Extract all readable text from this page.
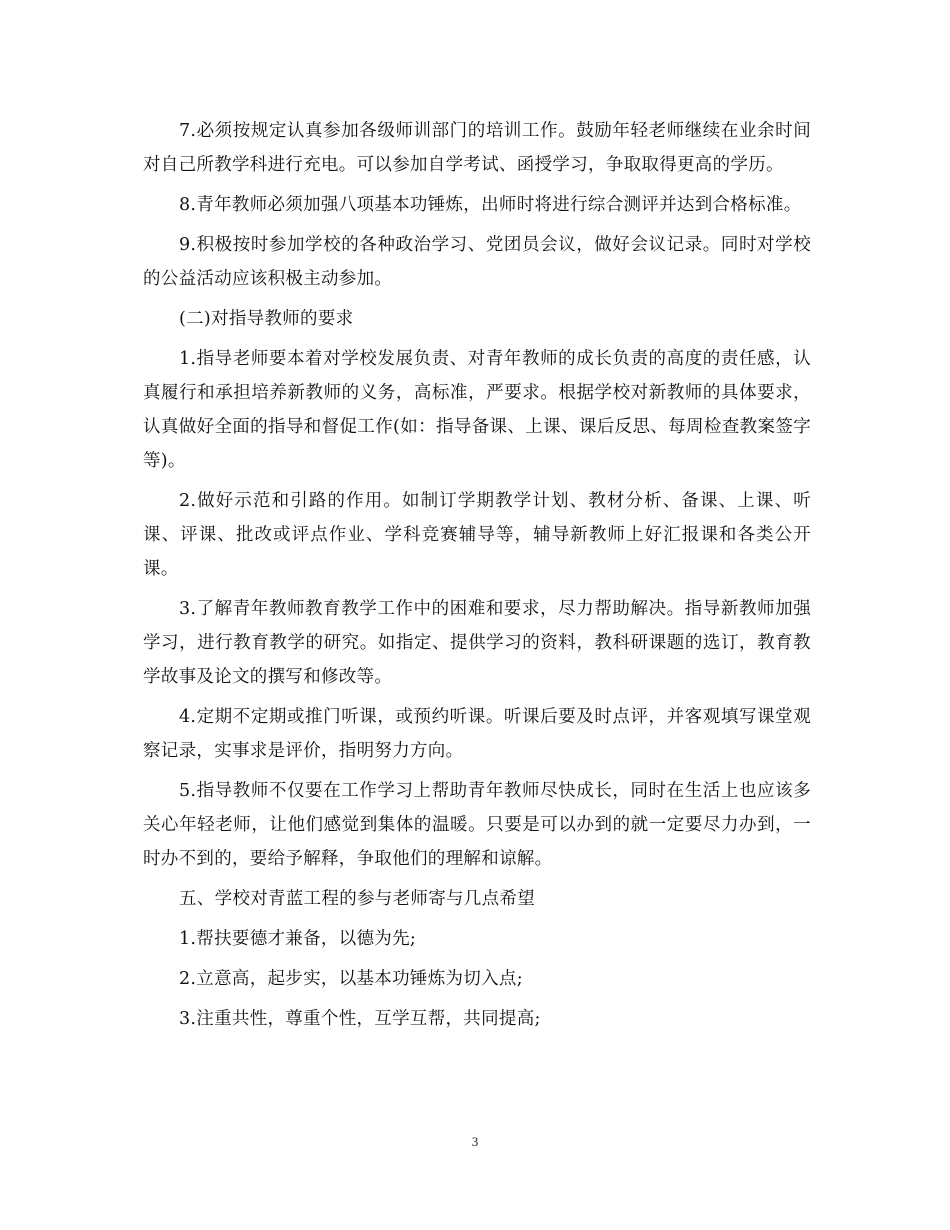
7.必须按规定认真参加各级师训部门的培训工作。鼓励年轻老师继续在业余时间对自己所教学科进行充电。可以参加自学考试、函授学习，争取取得更高的学历。

8.青年教师必须加强八项基本功锤炼，出师时将进行综合测评并达到合格标准。

9.积极按时参加学校的各种政治学习、党团员会议，做好会议记录。同时对学校的公益活动应该积极主动参加。

(二)对指导教师的要求

1.指导老师要本着对学校发展负责、对青年教师的成长负责的高度的责任感，认真履行和承担培养新教师的义务，高标准，严要求。根据学校对新教师的具体要求，认真做好全面的指导和督促工作(如：指导备课、上课、课后反思、每周检查教案签字等)。

2.做好示范和引路的作用。如制订学期教学计划、教材分析、备课、上课、听课、评课、批改或评点作业、学科竞赛辅导等，辅导新教师上好汇报课和各类公开课。

3.了解青年教师教育教学工作中的困难和要求，尽力帮助解决。指导新教师加强学习，进行教育教学的研究。如指定、提供学习的资料，教科研课题的选订，教育教学故事及论文的撰写和修改等。

4.定期不定期或推门听课，或预约听课。听课后要及时点评，并客观填写课堂观察记录，实事求是评价，指明努力方向。

5.指导教师不仅要在工作学习上帮助青年教师尽快成长，同时在生活上也应该多关心年轻老师，让他们感觉到集体的温暖。只要是可以办到的就一定要尽力办到，一时办不到的，要给予解释，争取他们的理解和谅解。

五、学校对青蓝工程的参与老师寄与几点希望

1.帮扶要德才兼备，以德为先;

2.立意高，起步实，以基本功锤炼为切入点;

3.注重共性，尊重个性，互学互帮，共同提高;

3
